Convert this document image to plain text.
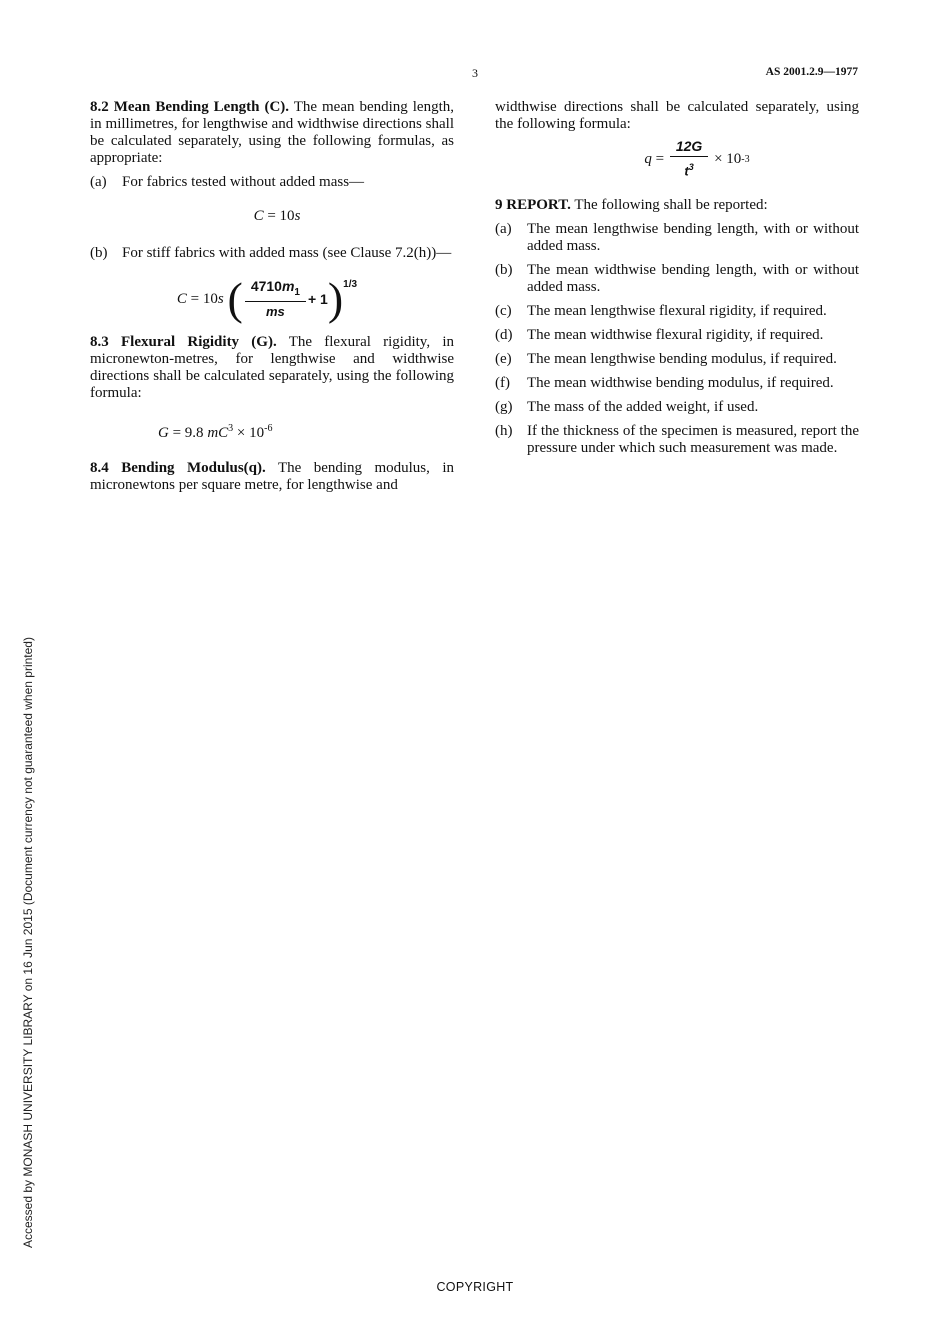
3	AS 2001.2.9—1977

8.2 Mean Bending Length (C). The mean bending length, in millimetres, for lengthwise and widthwise directions shall be calculated separately, using the following formulas, as appropriate:

(a)	For fabrics tested without added mass—
C = 10s
(b) For stiff fabrics with added mass (see Clause 7.2(h))—
C
= 10 s
( $\frac{4710m_1}{ms} + 1$ ) 1/3

8.3 Flexural Rigidity (G). The flexural rigidity, in micronewton-metres, for lengthwise and widthwise directions shall be calculated separately, using the following formula:

G = 9.8 $mC^3 \times 10^{-6}$

8.4 Bending Modulus(q). The bending modulus, in micronewtons per square metre, for lengthwise and

widthwise directions shall be calculated separately, using the following formula:

q
=
$\frac{12G}{t^3}$
× 10 -3

9 REPORT. The following shall be reported:

(a)	The mean lengthwise bending length, with or without added mass.
(b) The mean widthwise bending length, with or without added mass.
(c)	The mean lengthwise flexural rigidity, if required.
(d) The mean widthwise flexural rigidity, if required.
(e)	The mean lengthwise bending modulus, if required.
(f)	The mean widthwise bending modulus, if required.
(g) The mass of the added weight, if used.
(h) If the thickness of the specimen is measured, report the pressure under which such measurement was made.
Accessed by MONASH UNIVERSITY LIBRARY on 16 Jun 2015 (Document currency not guaranteed when printed)
COPYRIGHT
